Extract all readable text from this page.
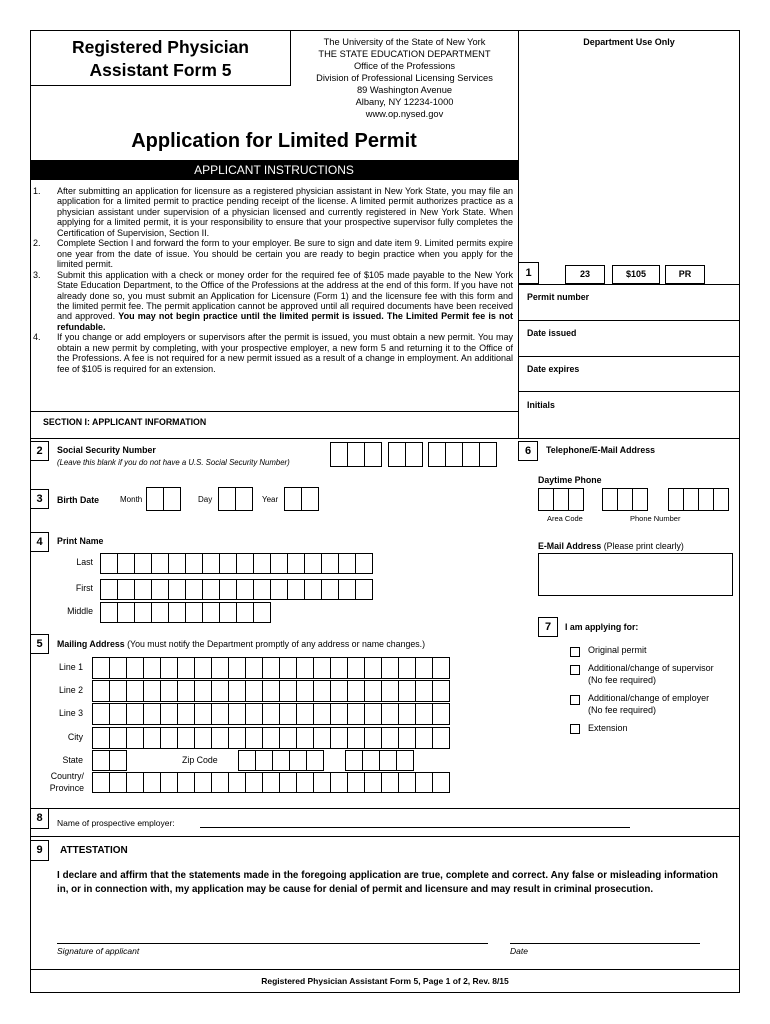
Registered Physician
Assistant Form 5
The University of the State of New York
THE STATE EDUCATION DEPARTMENT
Office of the Professions
Division of Professional Licensing Services
89 Washington Avenue
Albany, NY 12234-1000
www.op.nysed.gov
Department Use Only
Application for Limited Permit
APPLICANT INSTRUCTIONS
1.	After submitting an application for licensure as a registered physician assistant in New York State, you may file an application for a limited permit to practice pending receipt of the license. A limited permit authorizes practice as a physician assistant under supervision of a physician licensed and currently registered in New York State. When applying for a limited permit, it is your responsibility to ensure that your prospective supervisor fully completes the Certification of Supervision, Section II.
2.	Complete Section I and forward the form to your employer. Be sure to sign and date item 9. Limited permits expire one year from the date of issue. You should be certain you are ready to begin practice when you apply for the limited permit.
3.	Submit this application with a check or money order for the required fee of $105 made payable to the New York State Education Department, to the Office of the Professions at the address at the end of this form. If you have not already done so, you must submit an Application for Licensure (Form 1) and the licensure fee with this form and the limited permit fee. The permit application cannot be approved until all required documents have been received and approved. You may not begin practice until the limited permit is issued. The Limited Permit fee is not refundable.
4.	If you change or add employers or supervisors after the permit is issued, you must obtain a new permit. You may obtain a new permit by completing, with your prospective employer, a new form 5 and returning it to the Office of the Professions. A fee is not required for a new permit issued as a result of a change in employment. An additional fee of $105 is required for an extension.
1	23	$105	PR
Permit number
Date issued
Date expires
Initials
SECTION I: APPLICANT INFORMATION
2	Social Security Number
(Leave this blank if you do not have a U.S. Social Security Number)
3	Birth Date	Month	Day	Year
4	Print Name
Last
First
Middle
5	Mailing Address (You must notify the Department promptly of any address or name changes.)
Line 1
Line 2
Line 3
City
State	Zip Code
Country/
Province
6	Telephone/E-Mail Address
Daytime Phone
Area Code	Phone Number
E-Mail Address (Please print clearly)
7	I am applying for:
Original permit
Additional/change of supervisor
(No fee required)
Additional/change of employer
(No fee required)
Extension
8	Name of prospective employer:
9	ATTESTATION
I declare and affirm that the statements made in the foregoing application are true, complete and correct. Any false or misleading information in, or in connection with, my application may be cause for denial of permit and licensure and may result in criminal prosecution.
Signature of applicant	Date
Registered Physician Assistant Form 5, Page 1 of 2, Rev. 8/15
